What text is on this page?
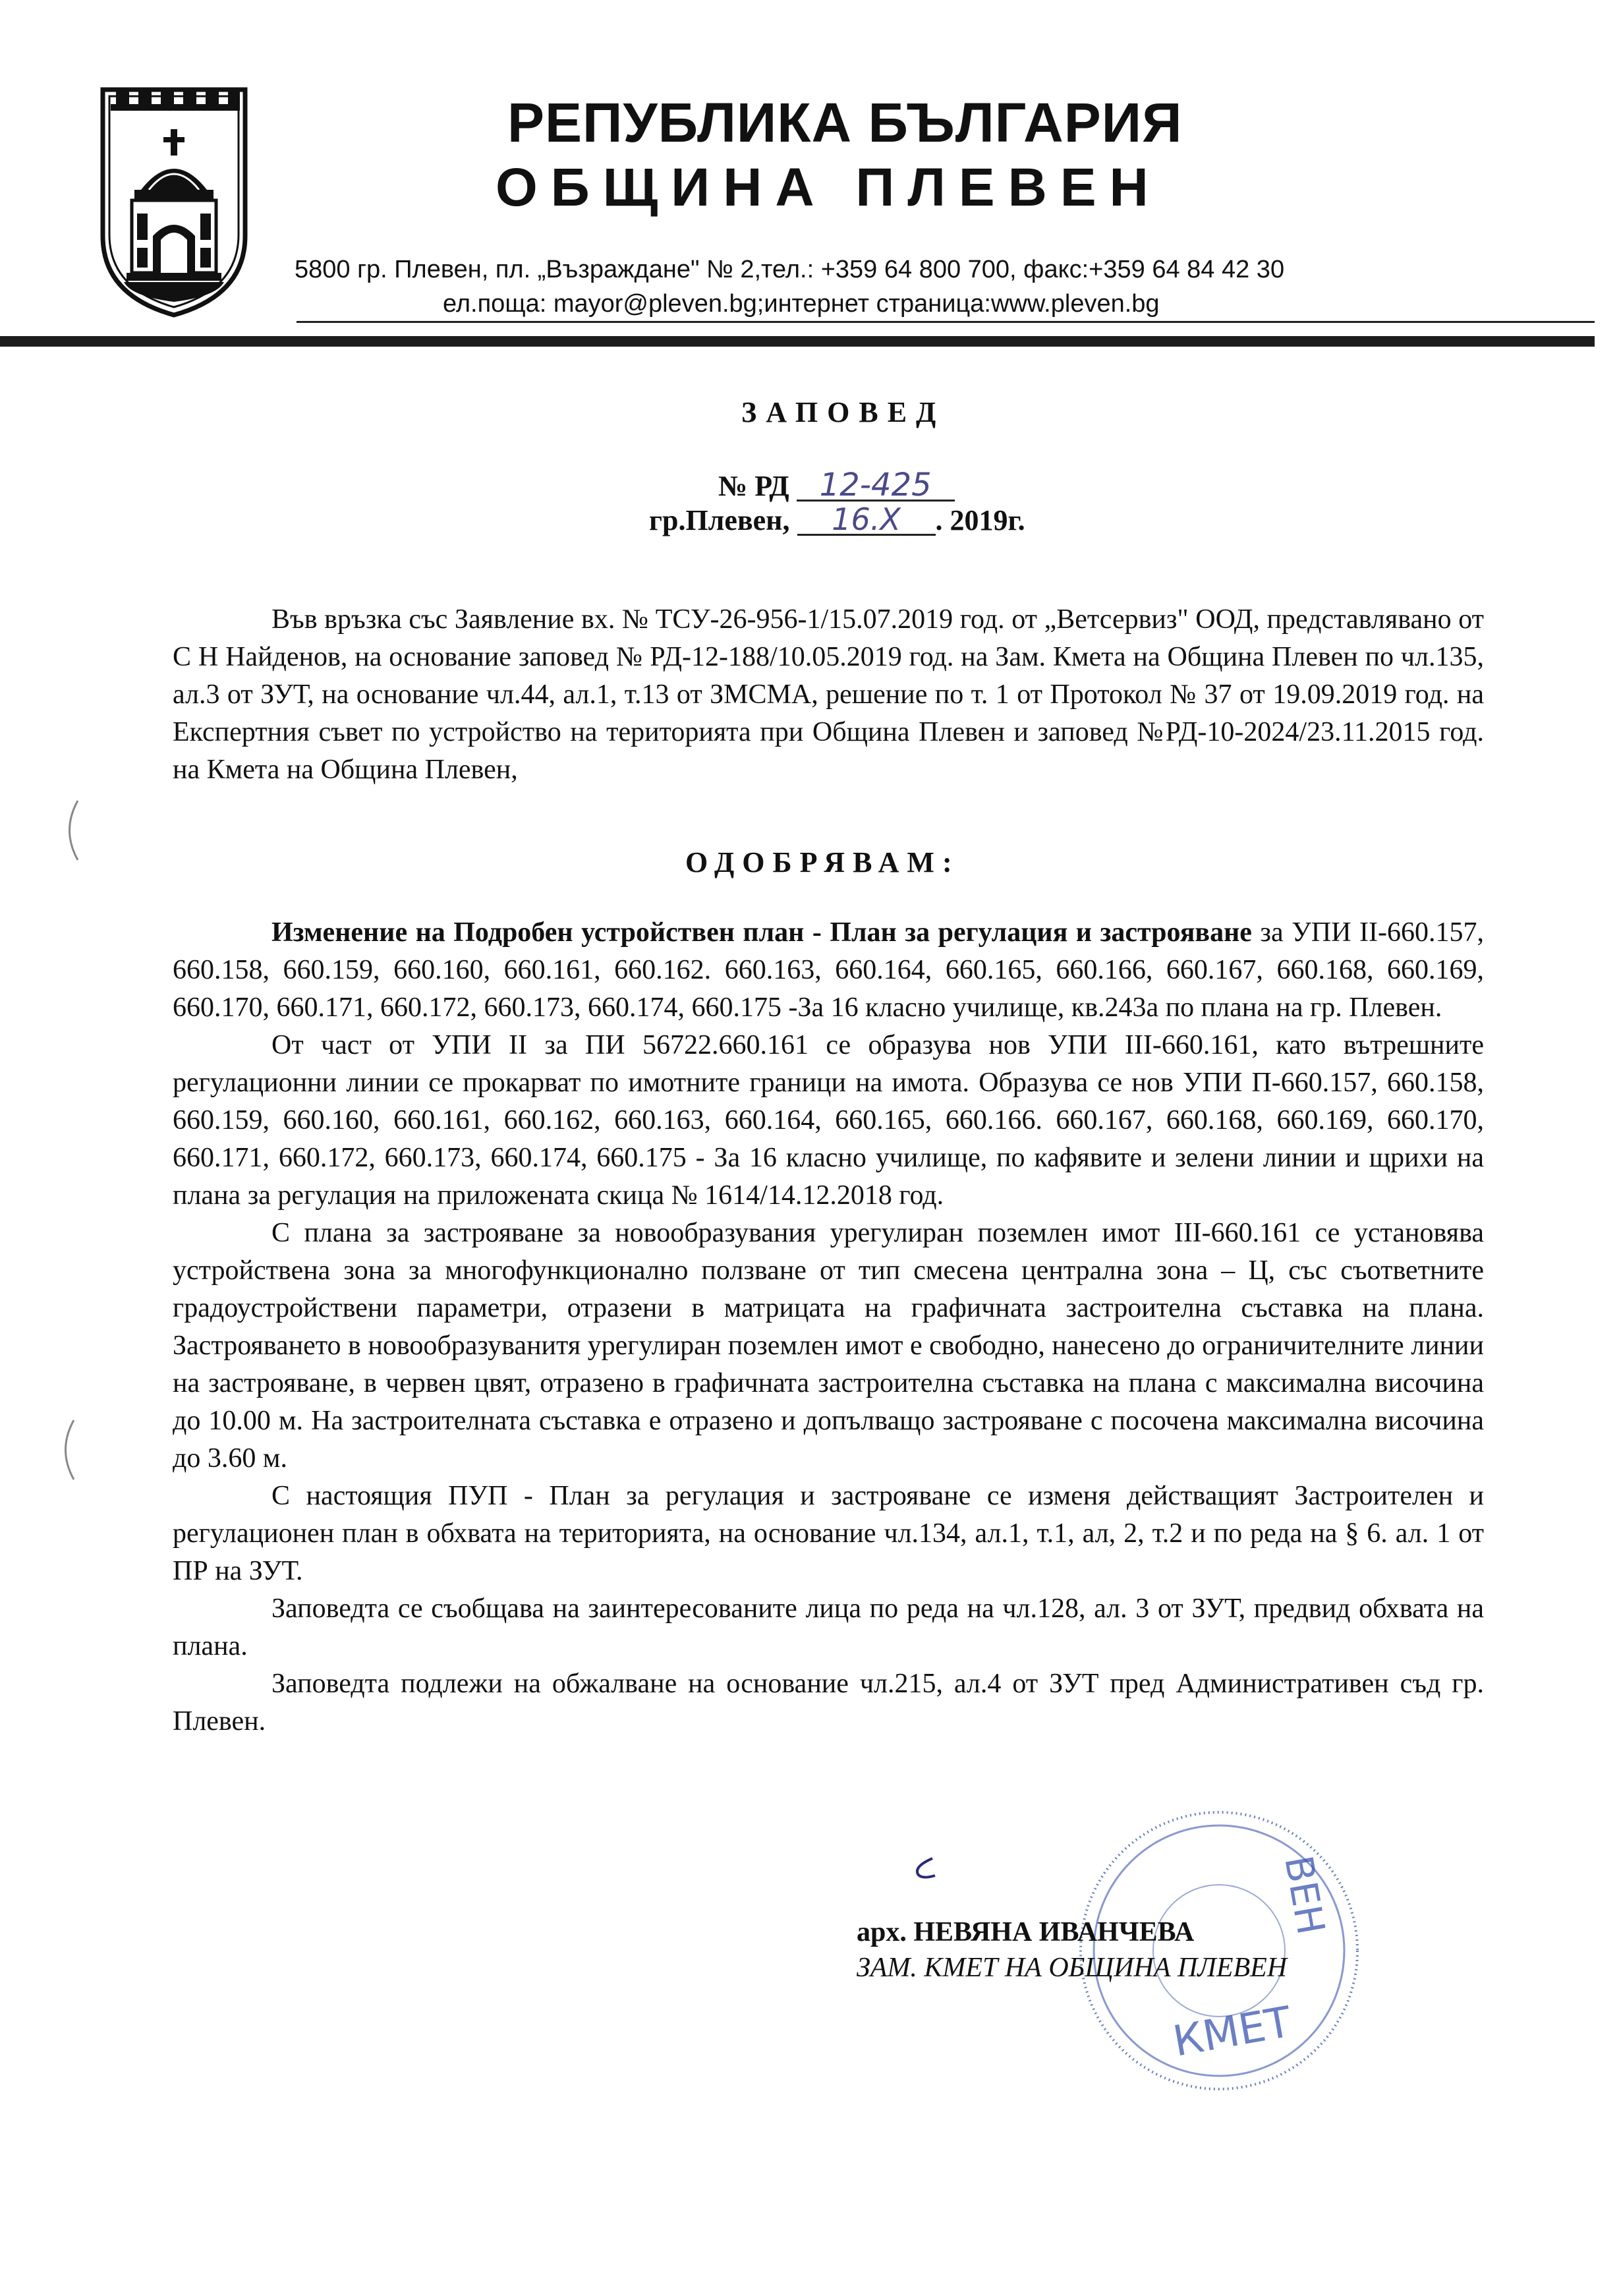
РЕПУБЛИКА БЪЛГАРИЯ
ОБЩИНА ПЛЕВЕН
5800 гр. Плевен, пл. „Възраждане" № 2,тел.: +359 64 800 700, факс:+359 64 84 42 30
ел.поща: mayor@pleven.bg;интернет страница:www.pleven.bg
ЗАПОВЕД
№ РД 12-425
гр.Плевен, 16.X . 2019г.

Във връзка със Заявление вх. № ТСУ-26-956-1/15.07.2019 год. от „Ветсервиз" ООД, представлявано от С Н Найденов, на основание заповед № РД-12-188/10.05.2019 год. на Зам. Кмета на Община Плевен по чл.135, ал.3 от ЗУТ, на основание чл.44, ал.1, т.13 от ЗМСМА, решение по т. 1 от Протокол № 37 от 19.09.2019 год. на Експертния съвет по устройство на територията при Община Плевен и заповед №РД-10-2024/23.11.2015 год. на Кмета на Община Плевен,

ОДОБРЯВАМ:

Изменение на Подробен устройствен план - План за регулация и застрояване за УПИ II-660.157, 660.158, 660.159, 660.160, 660.161, 660.162. 660.163, 660.164, 660.165, 660.166, 660.167, 660.168, 660.169, 660.170, 660.171, 660.172, 660.173, 660.174, 660.175 -За 16 класно училище, кв.243а по плана на гр. Плевен.

От част от УПИ II за ПИ 56722.660.161 се образува нов УПИ III-660.161, като вътрешните регулационни линии се прокарват по имотните граници на имота. Образува се нов УПИ П-660.157, 660.158, 660.159, 660.160, 660.161, 660.162, 660.163, 660.164, 660.165, 660.166. 660.167, 660.168, 660.169, 660.170, 660.171, 660.172, 660.173, 660.174, 660.175 - За 16 класно училище, по кафявите и зелени линии и щрихи на плана за регулация на приложената скица № 1614/14.12.2018 год.

С плана за застрояване за новообразувания урегулиран поземлен имот III-660.161 се установява устройствена зона за многофункционално ползване от тип смесена централна зона – Ц, със съответните градоустройствени параметри, отразени в матрицата на графичната застроителна съставка на плана. Застрояването в новообразуванитя урегулиран поземлен имот е свободно, нанесено до ограничителните линии на застрояване, в червен цвят, отразено в графичната застроителна съставка на плана с максимална височина до 10.00 м. На застроителната съставка е отразено и допълващо застрояване с посочена максимална височина до 3.60 м.

С настоящия ПУП - План за регулация и застрояване се изменя действащият Застроителен и регулационен план в обхвата на територията, на основание чл.134, ал.1, т.1, ал, 2, т.2 и по реда на § 6. ал. 1 от ПР на ЗУТ.

Заповедта се съобщава на заинтересованите лица по реда на чл.128, ал. 3 от ЗУТ, предвид обхвата на плана.

Заповедта подлежи на обжалване на основание чл.215, ал.4 от ЗУТ пред Административен съд гр. Плевен.

ВЕН
КМЕТ
арх. НЕВЯНА ИВАНЧЕВА
ЗАМ. КМЕТ НА ОБЩИНА ПЛЕВЕН
